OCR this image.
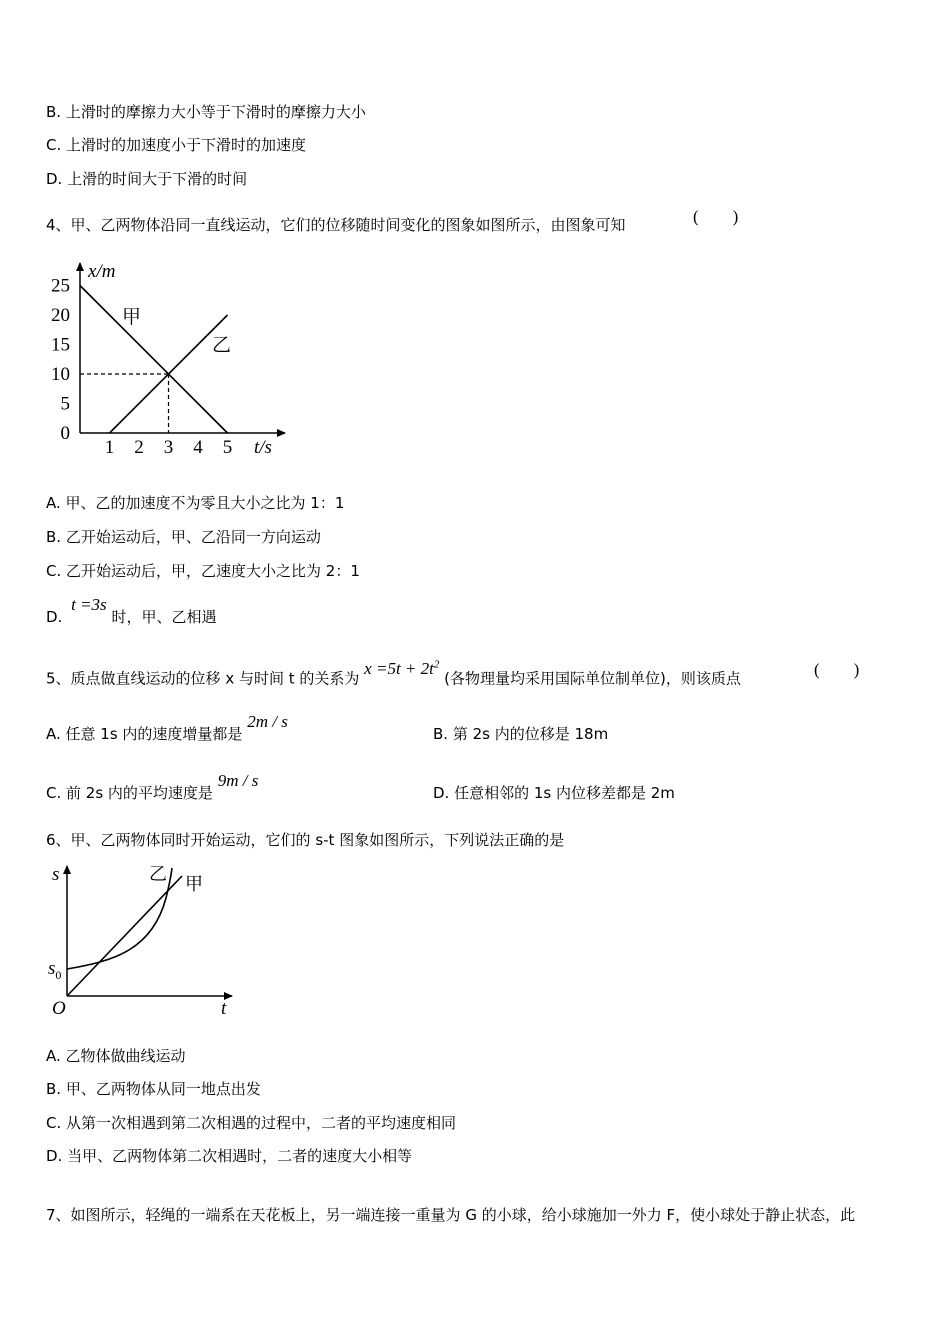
B. 上滑时的摩擦力大小等于下滑时的摩擦力大小
C. 上滑时的加速度小于下滑时的加速度
D. 上滑的时间大于下滑的时间
4、甲、乙两物体沿同一直线运动，它们的位移随时间变化的图象如图所示，由图象可知	(　　)
x/m
t/s
25
20
15
10
5
0
1 2 3 4 5
甲
乙
A. 甲、乙的加速度不为零且大小之比为 1：1
B. 乙开始运动后，甲、乙沿同一方向运动
C. 乙开始运动后，甲，乙速度大小之比为 2：1
D. t =3s 时，甲、乙相遇
5、质点做直线运动的位移 x 与时间 t 的关系为 $x =5t + 2t^2$ (各物理量均采用国际单位制单位)，则该质点	(　　)
A. 任意 1s 内的速度增量都是 2m / s
B. 第 2s 内的位移是 18m
C. 前 2s 内的平均速度是 9m / s
D. 任意相邻的 1s 内位移差都是 2m
6、甲、乙两物体同时开始运动，它们的 s-t 图象如图所示，下列说法正确的是
s
t
O
$s_0$
甲
乙
A. 乙物体做曲线运动
B. 甲、乙两物体从同一地点出发
C. 从第一次相遇到第二次相遇的过程中，二者的平均速度相同
D. 当甲、乙两物体第二次相遇时，二者的速度大小相等
7、如图所示，轻绳的一端系在天花板上，另一端连接一重量为 G 的小球，给小球施加一外力 F，使小球处于静止状态，此
